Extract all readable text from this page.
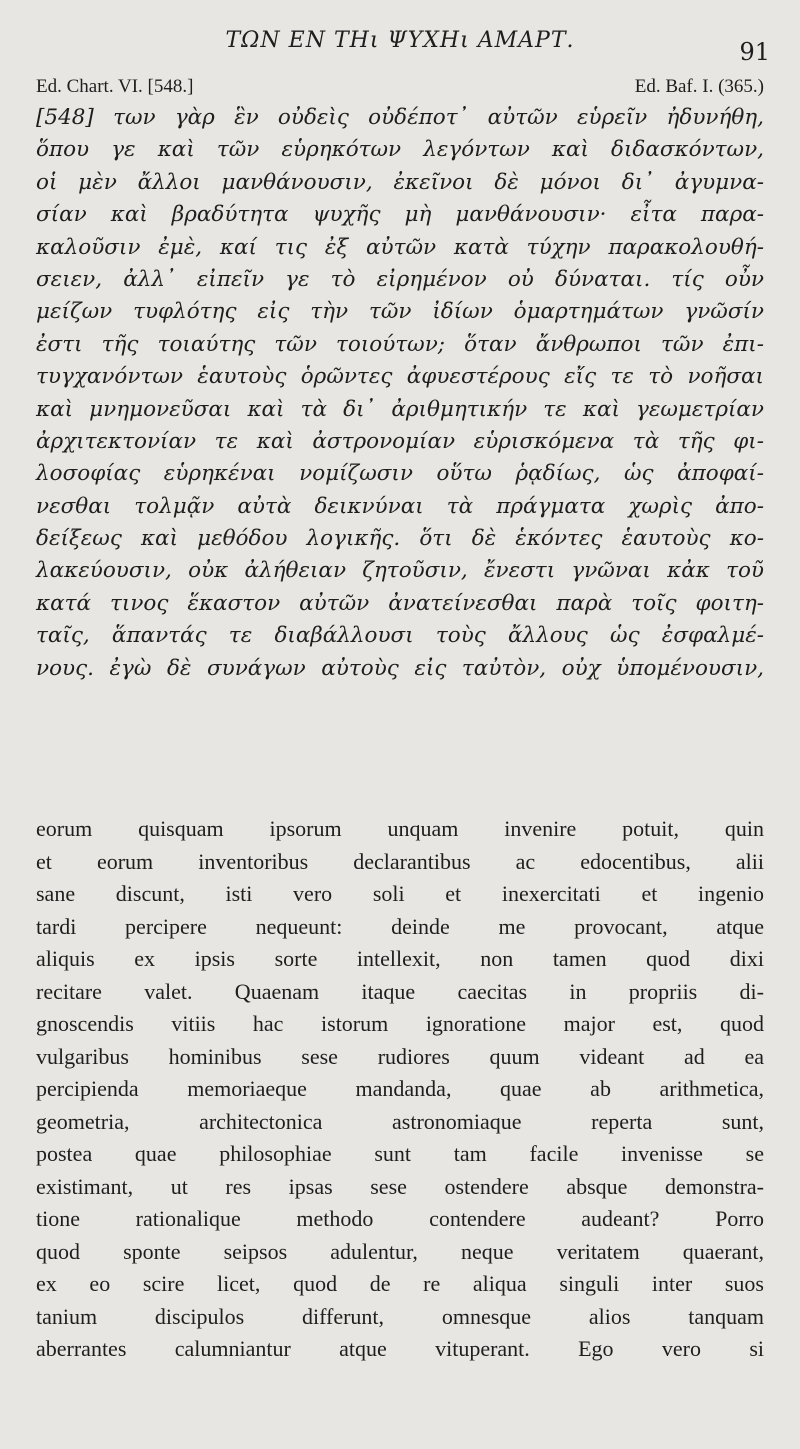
ΤΩΝ ΕΝ ΤΗι ΨΥΧΗι ΑΜΑΡΤ.	91
Ed. Chart. VI. [548.]	Ed. Baf. I. (365.)
[548] των γὰρ ἓν οὐδεὶς οὐδέποτ᾽ αὐτῶν εὑρεῖν ἠδυνήθη,
ὅπου γε καὶ τῶν εὑρηκότων λεγόντων καὶ διδασκόντων,
οἱ μὲν ἄλλοι μανθάνουσιν, ἐκεῖνοι δὲ μόνοι δι᾽ ἀγυμνα-
σίαν καὶ βραδύτητα ψυχῆς μὴ μανθάνουσιν· εἶτα παρα-
καλοῦσιν ἐμὲ, καί τις ἐξ αὐτῶν κατὰ τύχην παρακολουθή-
σειεν, ἀλλ᾽ εἰπεῖν γε τὸ εἰρημένον οὐ δύναται. τίς οὖν
μείζων τυφλότης εἰς τὴν τῶν ἰδίων ὁμαρτημάτων γνῶσίν
ἐστι τῆς τοιαύτης τῶν τοιούτων; ὅταν ἄνθρωποι τῶν ἐπι-
τυγχανόντων ἑαυτοὺς ὁρῶντες ἀφυεστέρους εἴς τε τὸ νοῆσαι
καὶ μνημονεῦσαι καὶ τὰ δι᾽ ἀριθμητικήν τε καὶ γεωμετρίαν
ἀρχιτεκτονίαν τε καὶ ἀστρονομίαν εὑρισκόμενα τὰ τῆς φι-
λοσοφίας εὑρηκέναι νομίζωσιν οὕτω ῥᾳδίως, ὡς ἀποφαί-
νεσθαι τολμᾷν αὐτὰ δεικνύναι τὰ πράγματα χωρὶς ἀπο-
δείξεως καὶ μεθόδου λογικῆς. ὅτι δὲ ἑκόντες ἑαυτοὺς κο-
λακεύουσιν, οὐκ ἀλήθειαν ζητοῦσιν, ἔνεστι γνῶναι κἀκ τοῦ
κατά τινος ἕκαστον αὐτῶν ἀνατείνεσθαι παρὰ τοῖς φοιτη-
ταῖς, ἅπαντάς τε διαβάλλουσι τοὺς ἄλλους ὡς ἐσφαλμέ-
νους. ἐγὼ δὲ συνάγων αὐτοὺς εἰς ταὐτὸν, οὐχ ὑπομένουσιν,
eorum quisquam ipsorum unquam invenire potuit, quin
et eorum inventoribus declarantibus ac edocentibus, alii
sane discunt, isti vero soli et inexercitati et ingenio
tardi percipere nequeunt: deinde me provocant, atque
aliquis ex ipsis sorte intellexit, non tamen quod dixi
recitare valet. Quaenam itaque caecitas in propriis di-
gnoscendis vitiis hac istorum ignoratione major est, quod
vulgaribus hominibus sese rudiores quum videant ad ea
percipienda memoriaeque mandanda, quae ab arithmetica,
geometria, architectonica astronomiaque reperta sunt,
postea quae philosophiae sunt tam facile invenisse se
existimant, ut res ipsas sese ostendere absque demonstra-
tione rationalique methodo contendere audeant? Porro
quod sponte seipsos adulentur, neque veritatem quaerant,
ex eo scire licet, quod de re aliqua singuli inter suos
tanium discipulos differunt, omnesque alios tanquam
aberrantes calumniantur atque vituperant. Ego vero si
